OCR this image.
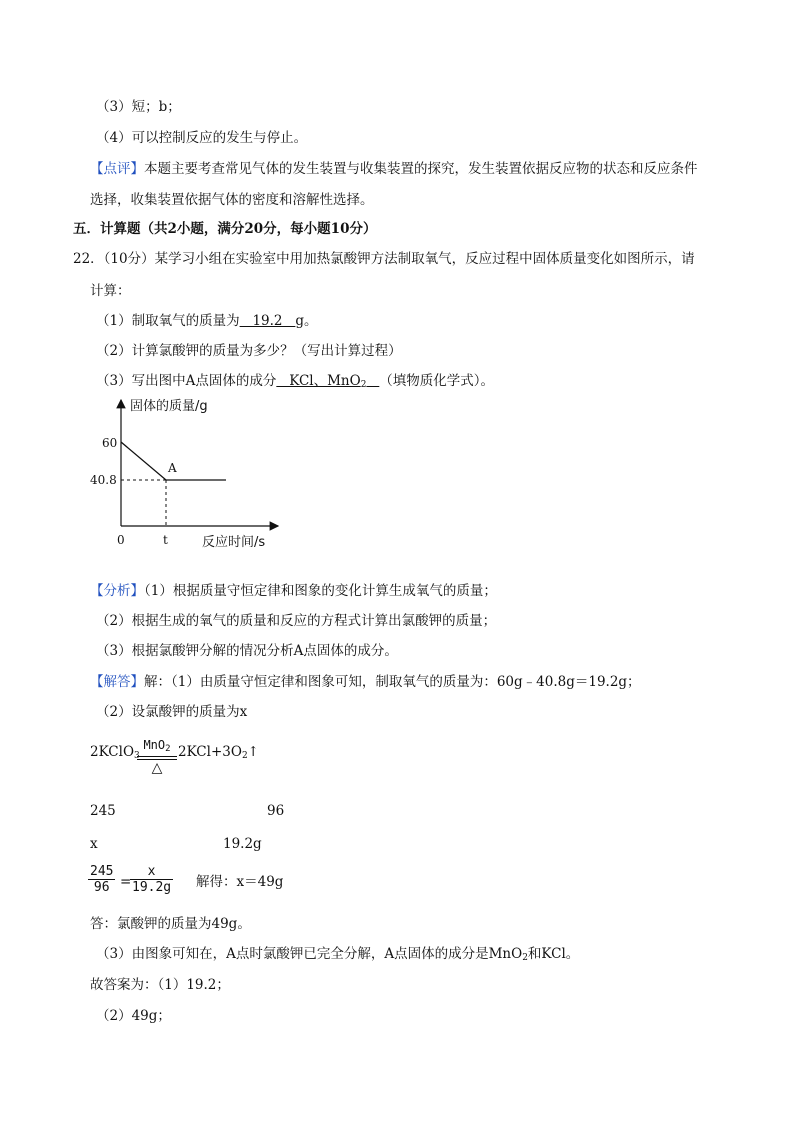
（3）短；b；
（4）可以控制反应的发生与停止。
【点评】本题主要考查常见气体的发生装置与收集装置的探究，发生装置依据反应物的状态和反应条件
选择，收集装置依据气体的密度和溶解性选择。
五．计算题（共2小题，满分20分，每小题10分）
22．（10分）某学习小组在实验室中用加热氯酸钾方法制取氧气，反应过程中固体质量变化如图所示，请
计算：
（1）制取氧气的质量为   19.2   g。
（2）计算氯酸钾的质量为多少？（写出计算过程）
（3）写出图中A点固体的成分   KCl、MnO$_2$ （填物质化学式）。
固体的质量/g
反应时间/s
60
40.8
0	t
A
【分析】（1）根据质量守恒定律和图象的变化计算生成氧气的质量；
（2）根据生成的氧气的质量和反应的方程式计算出氯酸钾的质量；
（3）根据氯酸钾分解的情况分析A点固体的成分。
【解答】解：（1）由质量守恒定律和图象可知，制取氧气的质量为：60g﹣40.8g＝19.2g；
（2）设氯酸钾的质量为x
2KClO$_3$
MnO$_2$
△
$2KCl+3O_2↑$
245	96
x	19.2g
$\frac{245}{96}$ =
$\frac{x}{19.2g}$ 解得：x＝49g
答：氯酸钾的质量为49g。
（3）由图象可知在，A点时氯酸钾已完全分解，A点固体的成分是MnO$_2$和KCl。
故答案为：（1）19.2；
（2）49g；
